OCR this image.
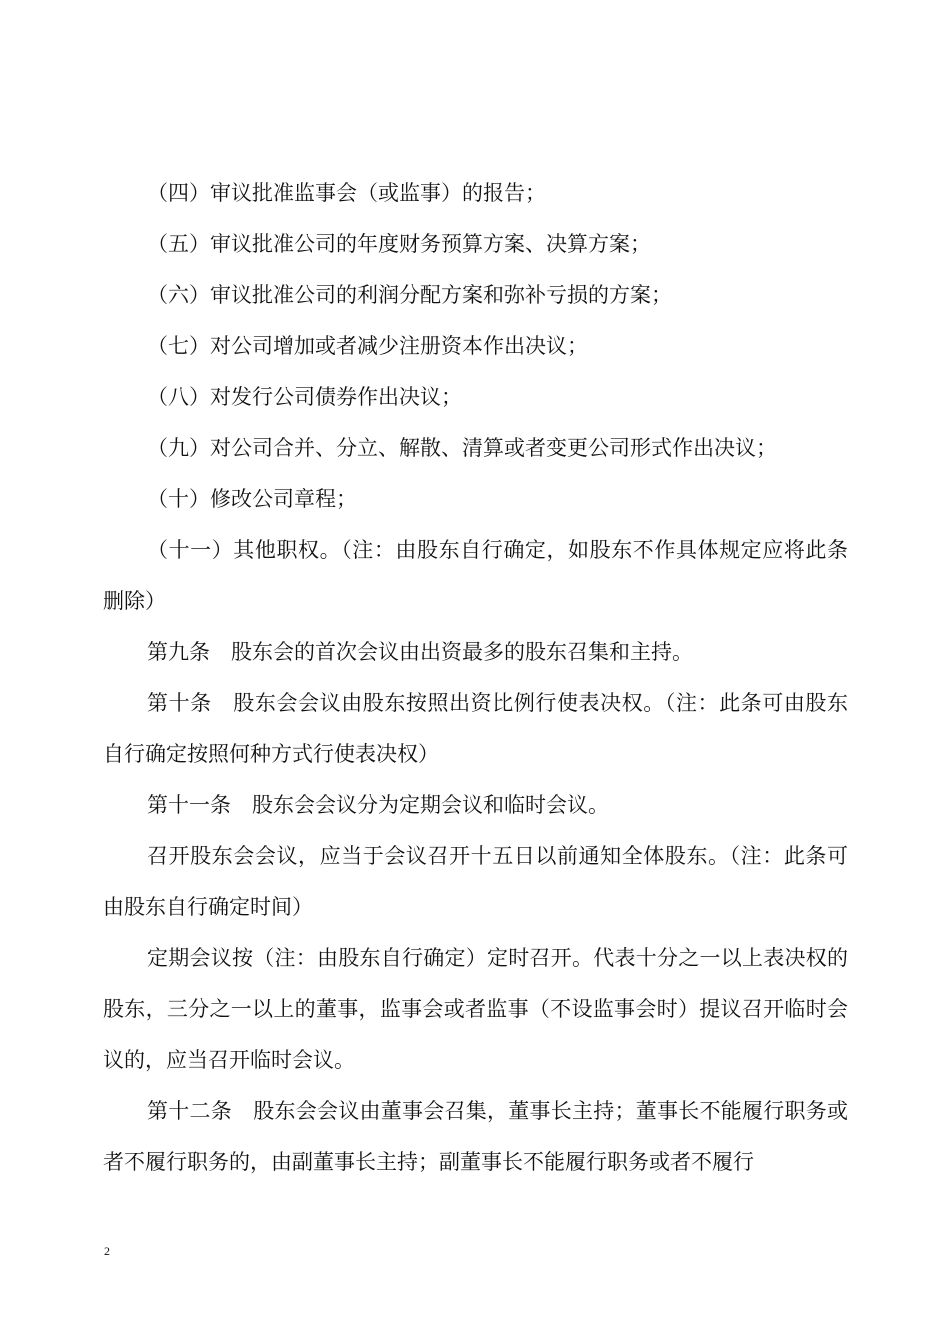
（四）审议批准监事会（或监事）的报告；

（五）审议批准公司的年度财务预算方案、决算方案；

（六）审议批准公司的利润分配方案和弥补亏损的方案；

（七）对公司增加或者减少注册资本作出决议；

（八）对发行公司债券作出决议；

（九）对公司合并、分立、解散、清算或者变更公司形式作出决议；

（十）修改公司章程；

（十一）其他职权。（注：由股东自行确定，如股东不作具体规定应将此条删除）

第九条　股东会的首次会议由出资最多的股东召集和主持。

第十条　股东会会议由股东按照出资比例行使表决权。（注：此条可由股东自行确定按照何种方式行使表决权）

第十一条　股东会会议分为定期会议和临时会议。

召开股东会会议，应当于会议召开十五日以前通知全体股东。（注：此条可由股东自行确定时间）

定期会议按（注：由股东自行确定）定时召开。代表十分之一以上表决权的股东，三分之一以上的董事，监事会或者监事（不设监事会时）提议召开临时会议的，应当召开临时会议。

第十二条　股东会会议由董事会召集，董事长主持；董事长不能履行职务或者不履行职务的，由副董事长主持；副董事长不能履行职务或者不履行

2
